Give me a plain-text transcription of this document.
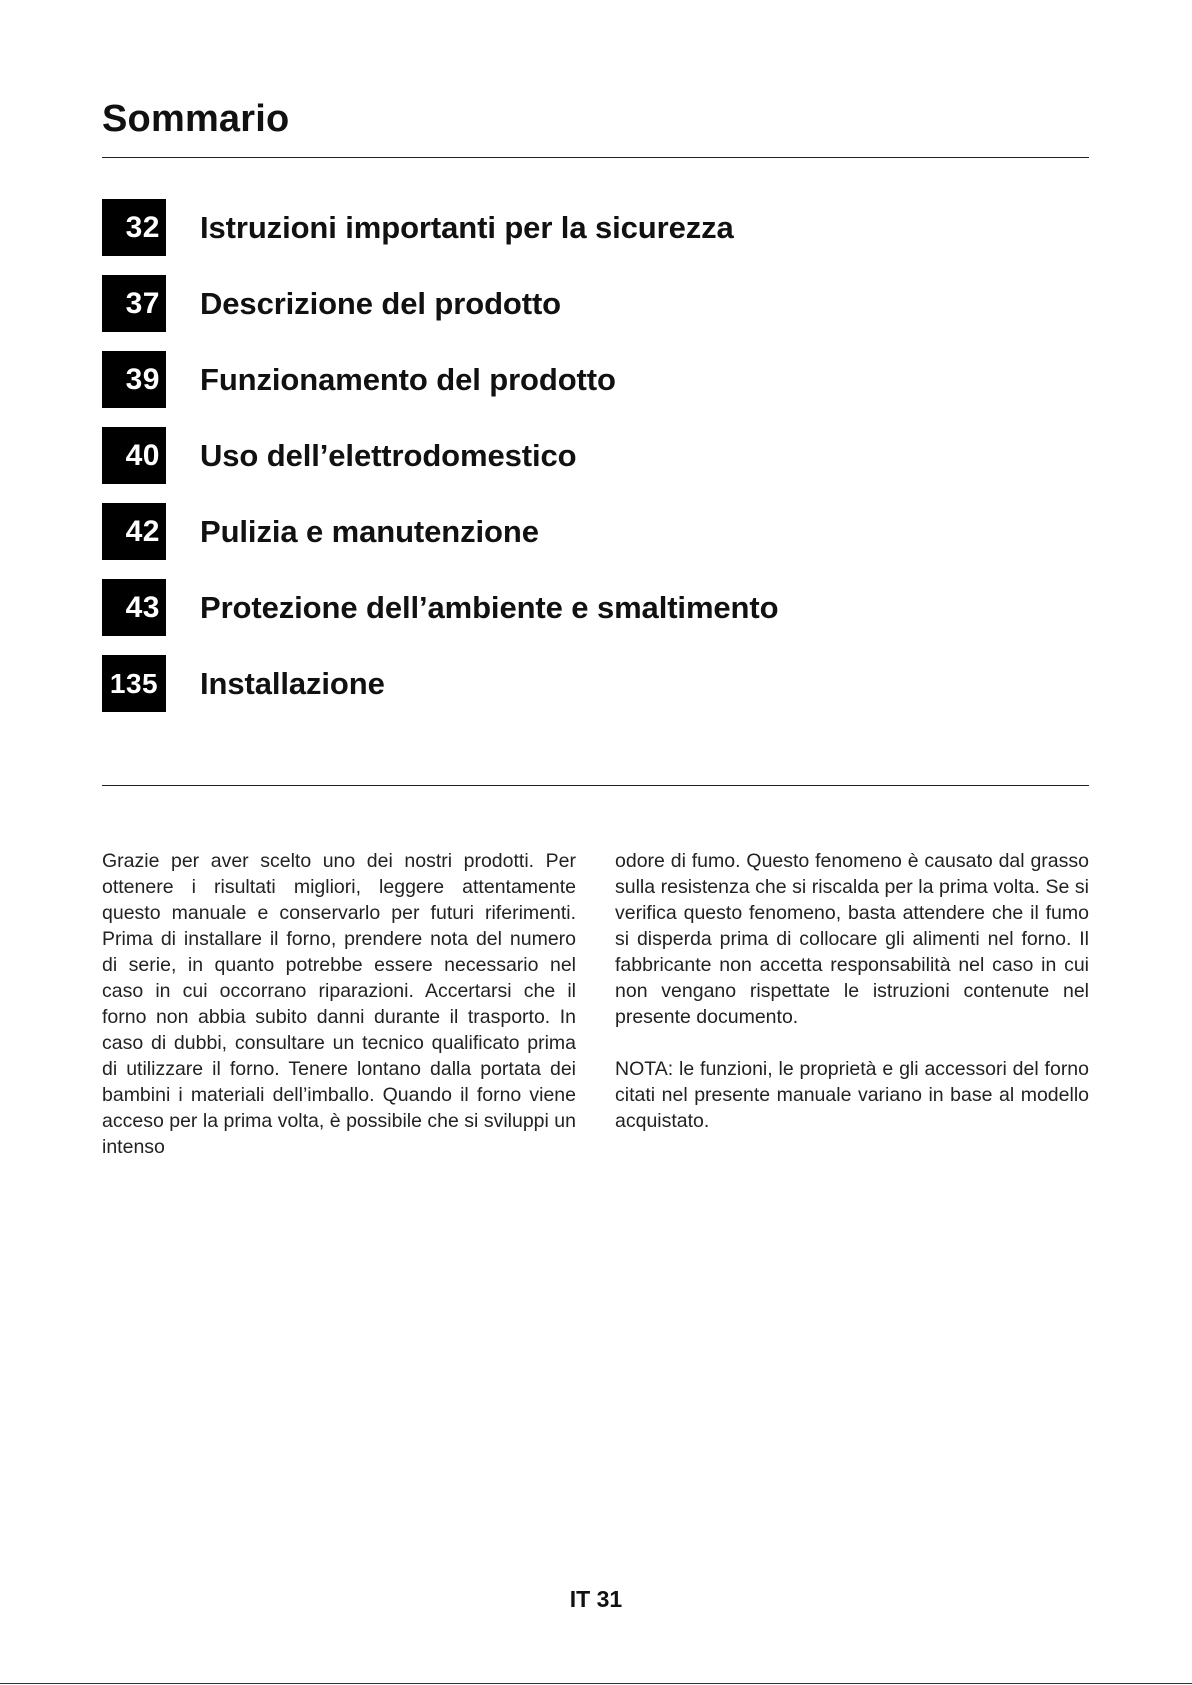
Sommario
32 Istruzioni importanti per la sicurezza
37 Descrizione del prodotto
39 Funzionamento del prodotto
40 Uso dell’elettrodomestico
42 Pulizia e manutenzione
43 Protezione dell’ambiente e smaltimento
135 Installazione

Grazie per aver scelto uno dei nostri prodotti. Per ottenere i risultati migliori, leggere attentamente questo manuale e conservarlo per futuri riferimenti. Prima di installare il forno, prendere nota del numero di serie, in quanto potrebbe essere necessario nel caso in cui occorrano riparazioni. Accertarsi che il forno non abbia subito danni durante il trasporto. In caso di dubbi, consultare un tecnico qualificato prima di utilizzare il forno. Tenere lontano dalla portata dei bambini i materiali dell’imballo. Quando il forno viene acceso per la prima volta, è possibile che si sviluppi un intenso

odore di fumo. Questo fenomeno è causato dal grasso sulla resistenza che si riscalda per la prima volta. Se si verifica questo fenomeno, basta attendere che il fumo si disperda prima di collocare gli alimenti nel forno. Il fabbricante non accetta responsabilità nel caso in cui non vengano rispettate le istruzioni contenute nel presente documento.

NOTA: le funzioni, le proprietà e gli accessori del forno citati nel presente manuale variano in base al modello acquistato.

IT 31
